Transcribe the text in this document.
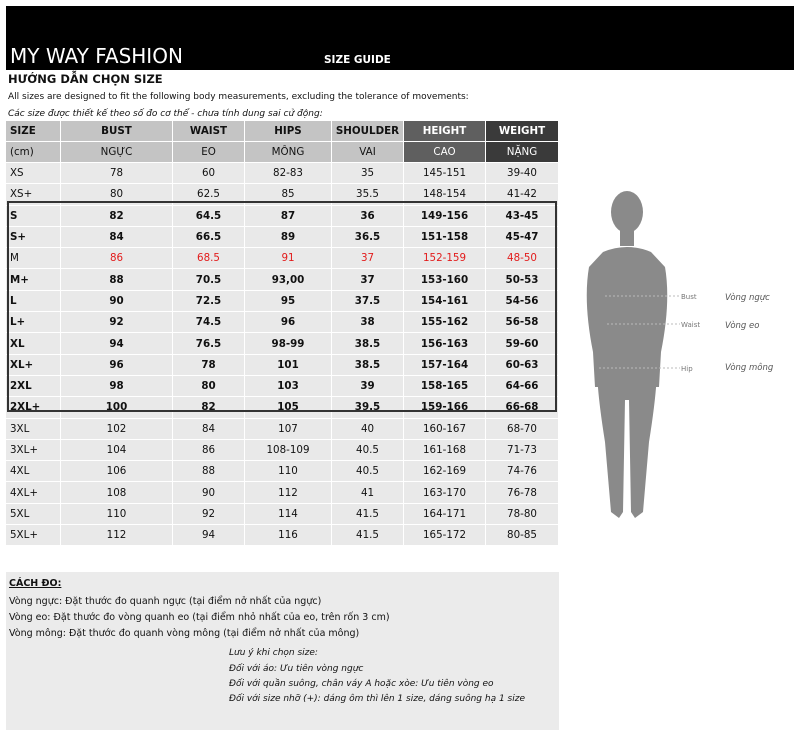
MY WAY FASHION	SIZE GUIDE
HƯỚNG DẪN CHỌN SIZE
All sizes are designed to fit the following body measurements, excluding the tolerance of movements:
Các size được thiết kế theo số đo cơ thể - chưa tính dung sai cử động:
SIZE	BUST	WAIST	HIPS	SHOULDER	HEIGHT	WEIGHT
(cm)	NGỰC	EO	MÔNG	VAI	CAO	NẶNG
XS	78	60	82-83	35	145-151	39-40
XS+	80	62.5	85	35.5	148-154	41-42
S	82	64.5	87	36	149-156	43-45
S+	84	66.5	89	36.5	151-158	45-47
M	86	68.5	91	37	152-159	48-50
M+	88	70.5	93,00	37	153-160	50-53
L	90	72.5	95	37.5	154-161	54-56
L+	92	74.5	96	38	155-162	56-58
XL	94	76.5	98-99	38.5	156-163	59-60
XL+	96	78	101	38.5	157-164	60-63
2XL	98	80	103	39	158-165	64-66
2XL+	100	82	105	39.5	159-166	66-68
3XL	102	84	107	40	160-167	68-70
3XL+	104	86	108-109	40.5	161-168	71-73
4XL	106	88	110	40.5	162-169	74-76
4XL+	108	90	112	41	163-170	76-78
5XL	110	92	114	41.5	164-171	78-80
5XL+	112	94	116	41.5	165-172	80-85
Bust
Waist
Hip
Vòng ngực
Vòng eo
Vòng mông
CÁCH ĐO:
Vòng ngực: Đặt thước đo quanh ngực (tại điểm nở nhất của ngực)
Vòng eo: Đặt thước đo vòng quanh eo (tại điểm nhỏ nhất của eo, trên rốn 3 cm)
Vòng mông: Đặt thước đo quanh vòng mông (tại điểm nở nhất của mông)
Lưu ý khi chọn size:
Đối với áo: Ưu tiên vòng ngực
Đối với quần suông, chân váy A hoặc xòe: Ưu tiên vòng eo
Đối với size nhỡ (+): dáng ôm thì lên 1 size, dáng suông hạ 1 size
